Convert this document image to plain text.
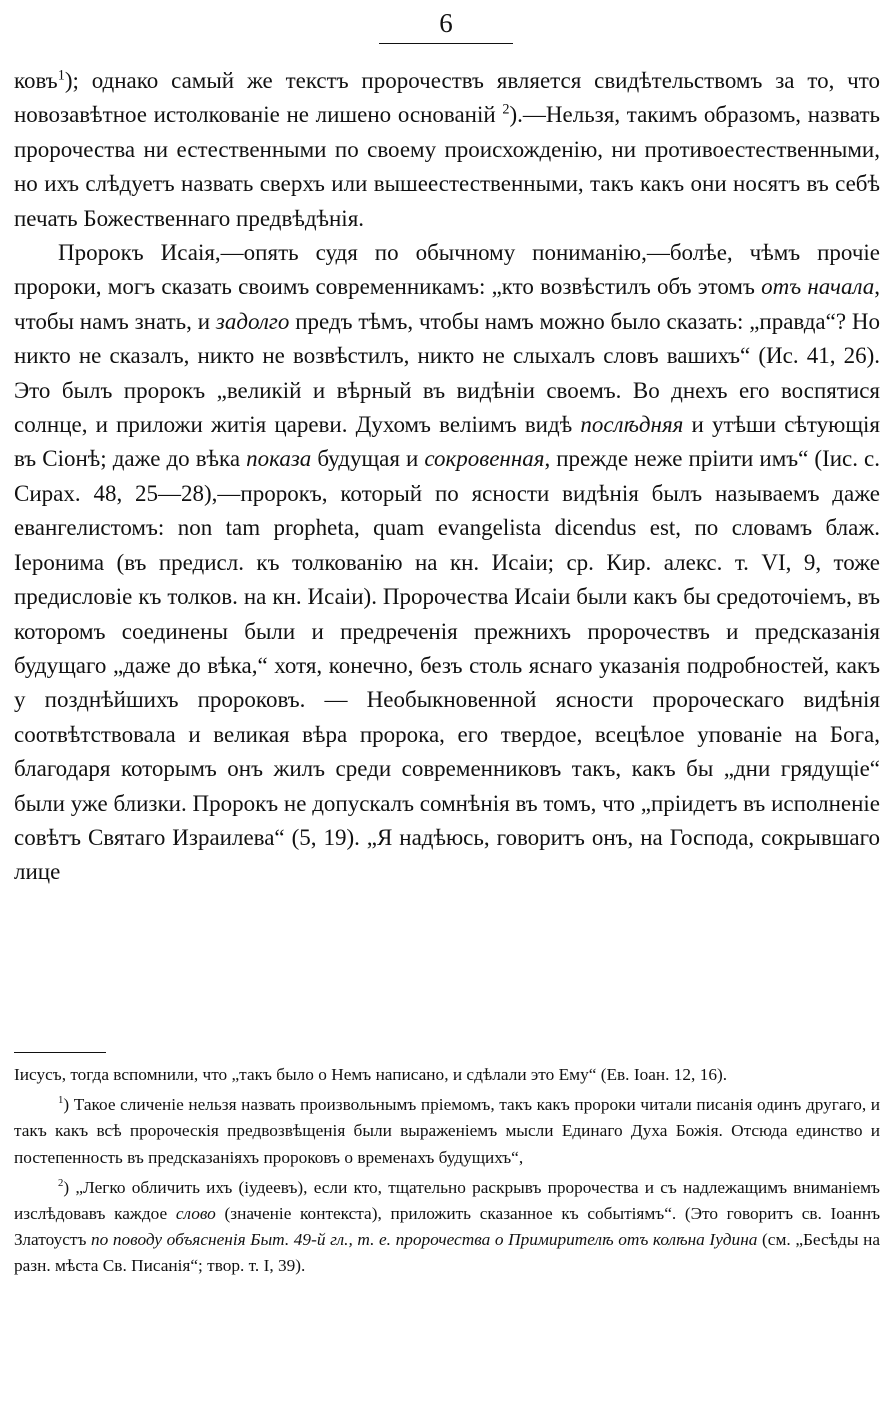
6

ковъ$^1$); однако самый же текстъ пророчествъ является свидѣтельствомъ за то, что новозавѣтное истолкованіе не лишено основаній $^2$).—Нельзя, такимъ образомъ, назвать пророчества ни естественными по своему происхожденію, ни противоестественными, но ихъ слѣдуетъ назвать сверхъ или вышеестественными, такъ какъ они носятъ въ себѣ печать Божественнаго предвѣдѣнія.

Пророкъ Исаія,—опять судя по обычному пониманію,—болѣе, чѣмъ прочіе пророки, могъ сказать своимъ современникамъ: „кто возвѣстилъ объ этомъ отъ начала, чтобы намъ знать, и задолго предъ тѣмъ, чтобы намъ можно было сказать: „правда“? Но никто не сказалъ, никто не возвѣстилъ, никто не слыхалъ словъ вашихъ“ (Ис. 41, 26). Это былъ пророкъ „великій и вѣрный въ видѣніи своемъ. Во днехъ его воспятися солнце, и приложи житія цареви. Духомъ велiимъ видѣ послѣдняя и утѣши сѣтующія въ Сіонѣ; даже до вѣка показа будущая и сокровенная, прежде неже пріити имъ“ (Іис. с. Сирах. 48, 25—28),—пророкъ, который по ясности видѣнія былъ называемъ даже евангелистомъ: non tam propheta, quam evangelista dicendus est, по словамъ блаж. Іеронима (въ предисл. къ толкованію на кн. Исаіи; ср. Кир. алекс. т. VI, 9, тоже предисловіе къ толков. на кн. Исаіи). Пророчества Исаіи были какъ бы средоточіемъ, въ которомъ соединены были и предреченія прежнихъ пророчествъ и предсказанія будущаго „даже до вѣка,“ хотя, конечно, безъ столь яснаго указанія подробностей, какъ у позднѣйшихъ пророковъ. — Необыкновенной ясности пророческаго видѣнія соотвѣтствовала и великая вѣра пророка, его твердое, всецѣлое упованіе на Бога, благодаря которымъ онъ жилъ среди современниковъ такъ, какъ бы „дни грядущіе“ были уже близки. Пророкъ не допускалъ сомнѣнія въ томъ, что „пріидетъ въ исполненіе совѣтъ Святаго Израилева“ (5, 19). „Я надѣюсь, говоритъ онъ, на Господа, сокрывшаго лице

Іисусъ, тогда вспомнили, что „такъ было о Немъ написано, и сдѣлали это Ему“ (Ев. Іоан. 12, 16).

$^1$) Такое сличеніе нельзя назвать произвольнымъ пріемомъ, такъ какъ пророки читали писанія одинъ другаго, и такъ какъ всѣ пророческія предвозвѣщенія были выраженіемъ мысли Единаго Духа Божія. Отсюда единство и постепенность въ предсказаніяхъ пророковъ о временахъ будущихъ“,

$^2$) „Легко обличить ихъ (іудеевъ), если кто, тщательно раскрывъ пророчества и съ надлежащимъ вниманіемъ изслѣдовавъ каждое слово (значеніе контекста), приложить сказанное къ событіямъ“. (Это говоритъ св. Іоаннъ Златоустъ по поводу объясненія Быт. 49-й гл., т. е. пророчества о Примирителѣ отъ колѣна Іудина (см. „Бесѣды на разн. мѣста Св. Писанія“; твор. т. I, 39).
